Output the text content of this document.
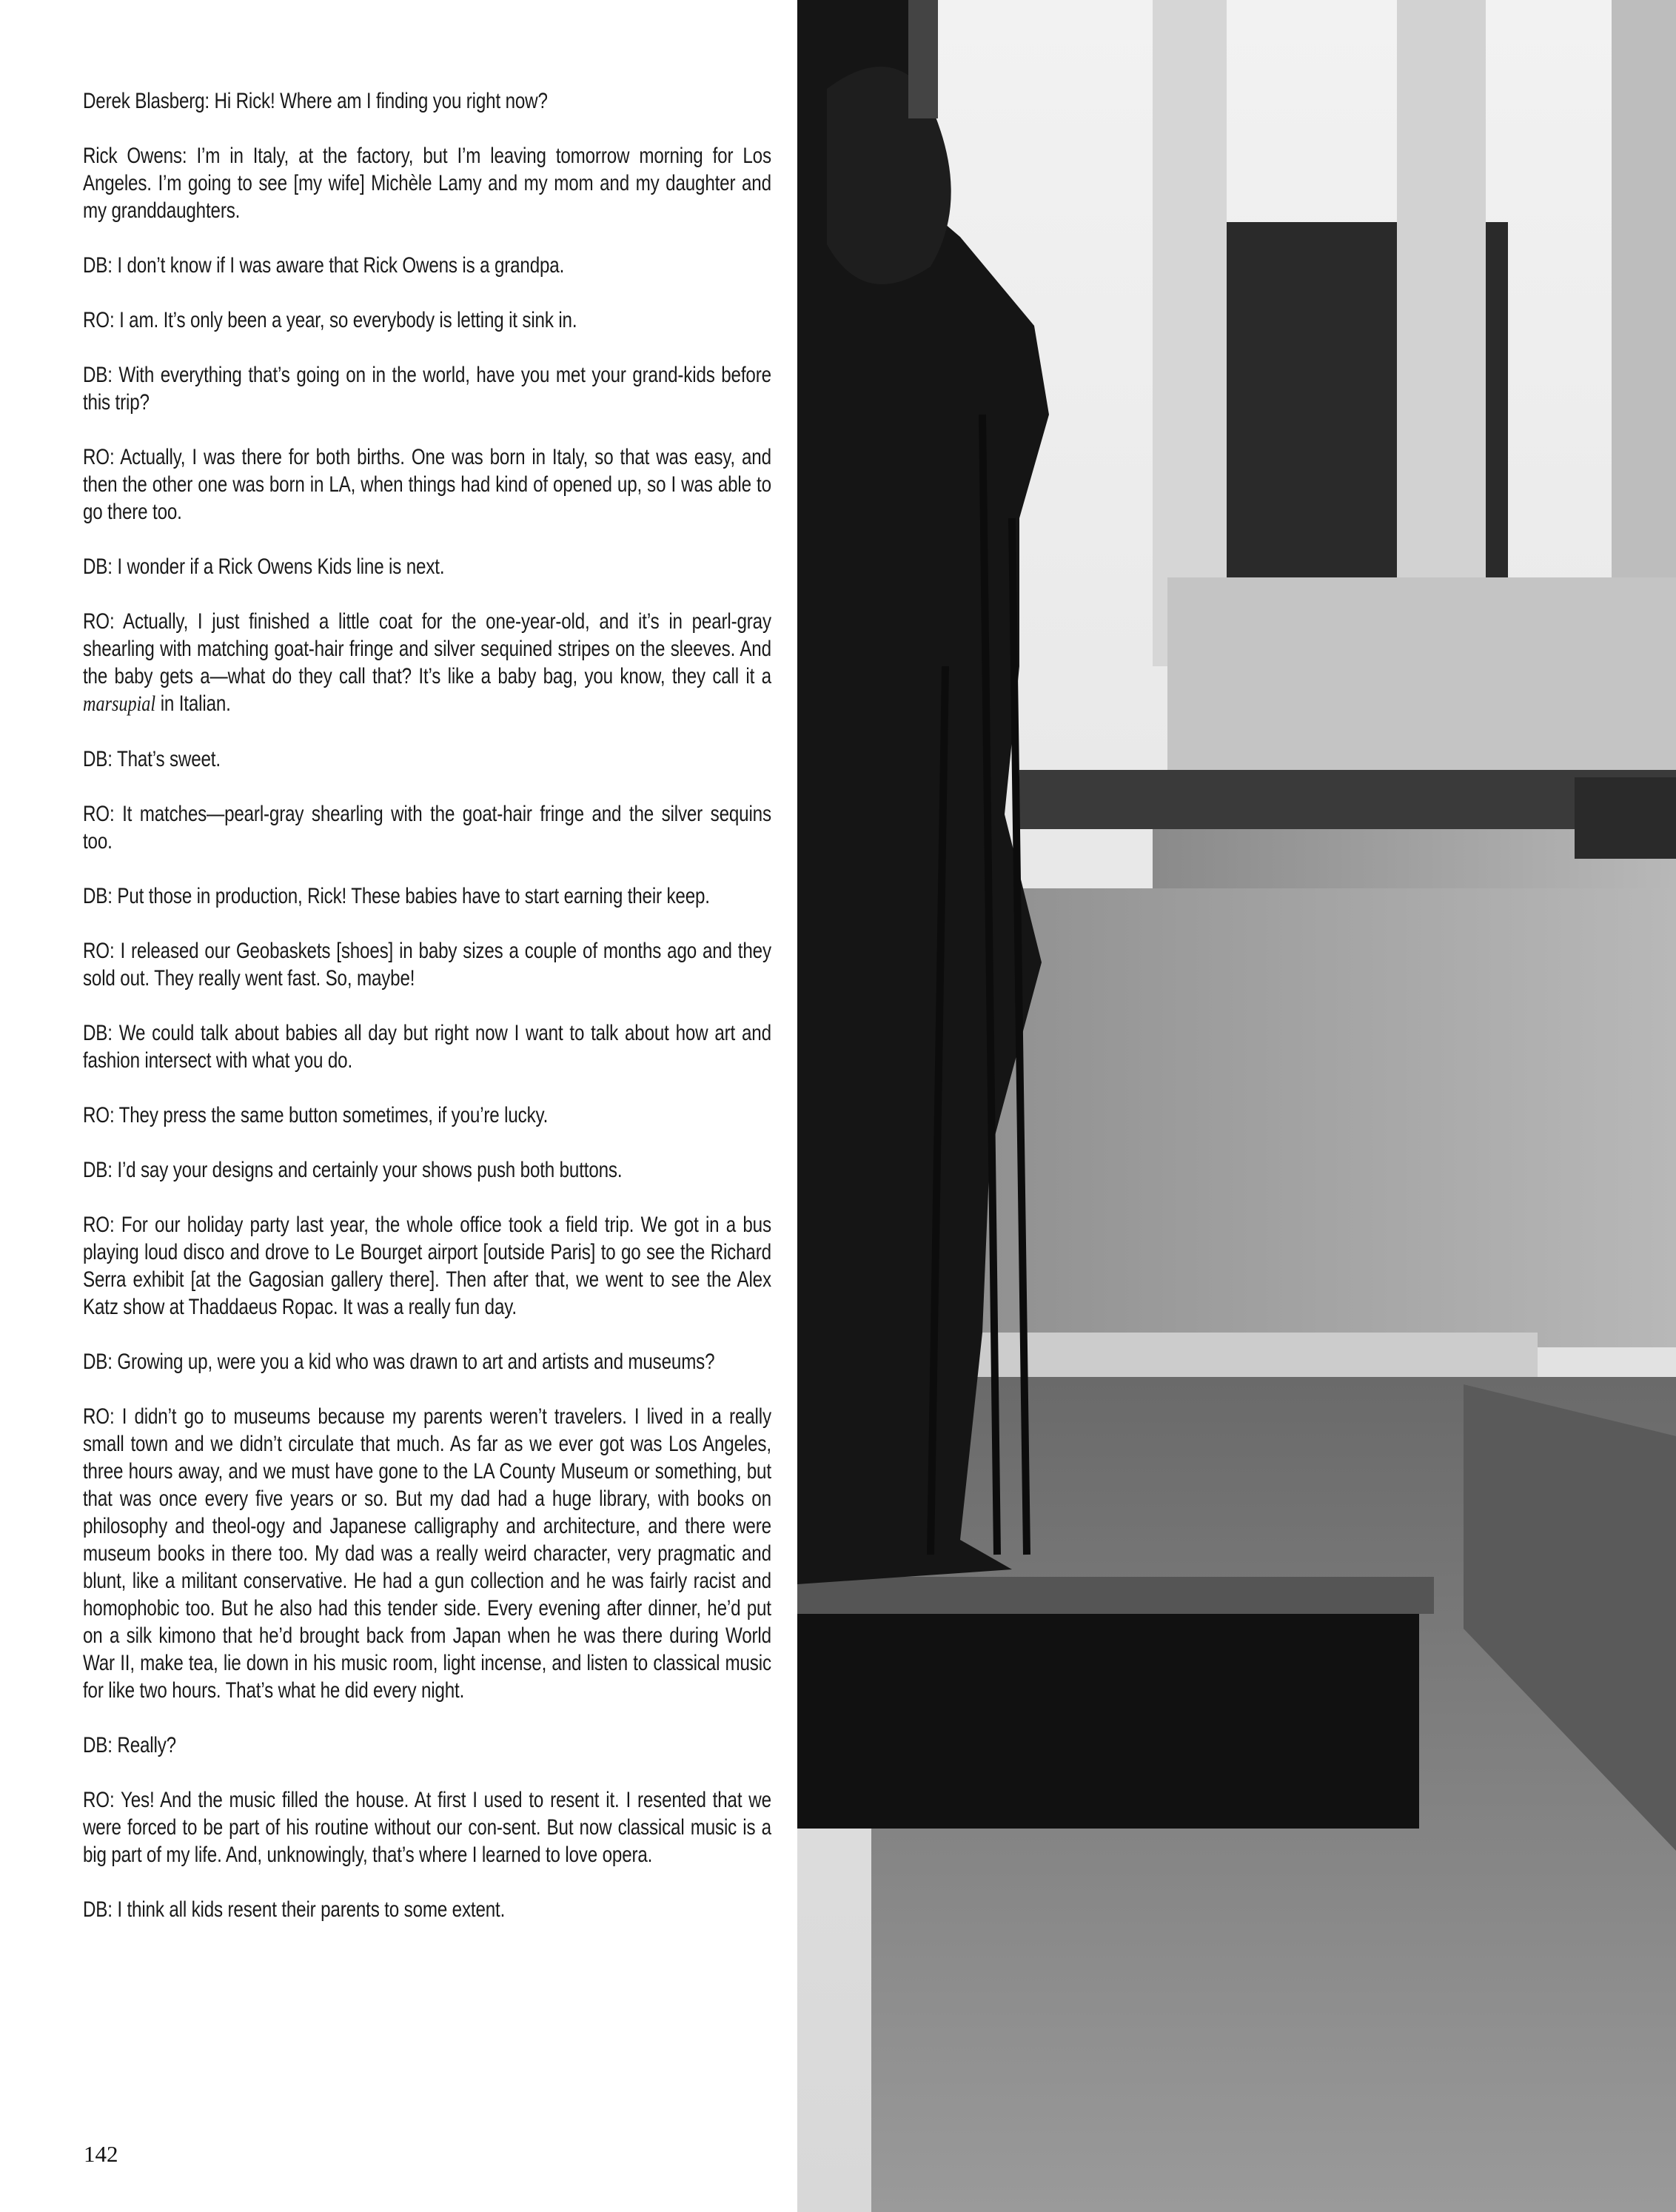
Derek Blasberg: Hi Rick! Where am I finding you right now?

Rick Owens: I’m in Italy, at the factory, but I’m leaving tomorrow morning for Los Angeles. I’m going to see [my wife] Michèle Lamy and my mom and my daughter and my granddaughters.

DB: I don’t know if I was aware that Rick Owens is a grandpa.

RO: I am. It’s only been a year, so everybody is letting it sink in.

DB: With everything that’s going on in the world, have you met your grand-kids before this trip?

RO: Actually, I was there for both births. One was born in Italy, so that was easy, and then the other one was born in LA, when things had kind of opened up, so I was able to go there too.

DB: I wonder if a Rick Owens Kids line is next.

RO: Actually, I just finished a little coat for the one-year-old, and it’s in pearl-gray shearling with matching goat-hair fringe and silver sequined stripes on the sleeves. And the baby gets a—what do they call that? It’s like a baby bag, you know, they call it a marsupial in Italian.

DB: That’s sweet.

RO: It matches—pearl-gray shearling with the goat-hair fringe and the silver sequins too.

DB: Put those in production, Rick! These babies have to start earning their keep.

RO: I released our Geobaskets [shoes] in baby sizes a couple of months ago and they sold out. They really went fast. So, maybe!

DB: We could talk about babies all day but right now I want to talk about how art and fashion intersect with what you do.

RO: They press the same button sometimes, if you’re lucky.

DB: I’d say your designs and certainly your shows push both buttons.

RO: For our holiday party last year, the whole office took a field trip. We got in a bus playing loud disco and drove to Le Bourget airport [outside Paris] to go see the Richard Serra exhibit [at the Gagosian gallery there]. Then after that, we went to see the Alex Katz show at Thaddaeus Ropac. It was a really fun day.

DB: Growing up, were you a kid who was drawn to art and artists and museums?

RO: I didn’t go to museums because my parents weren’t travelers. I lived in a really small town and we didn’t circulate that much. As far as we ever got was Los Angeles, three hours away, and we must have gone to the LA County Museum or something, but that was once every five years or so. But my dad had a huge library, with books on philosophy and theol-ogy and Japanese calligraphy and architecture, and there were museum books in there too. My dad was a really weird character, very pragmatic and blunt, like a militant conservative. He had a gun collection and he was fairly racist and homophobic too. But he also had this tender side. Every evening after dinner, he’d put on a silk kimono that he’d brought back from Japan when he was there during World War II, make tea, lie down in his music room, light incense, and listen to classical music for like two hours. That’s what he did every night.

DB: Really?

RO: Yes! And the music filled the house. At first I used to resent it. I resented that we were forced to be part of his routine without our con-sent. But now classical music is a big part of my life. And, unknowingly, that’s where I learned to love opera.

DB: I think all kids resent their parents to some extent.

142
